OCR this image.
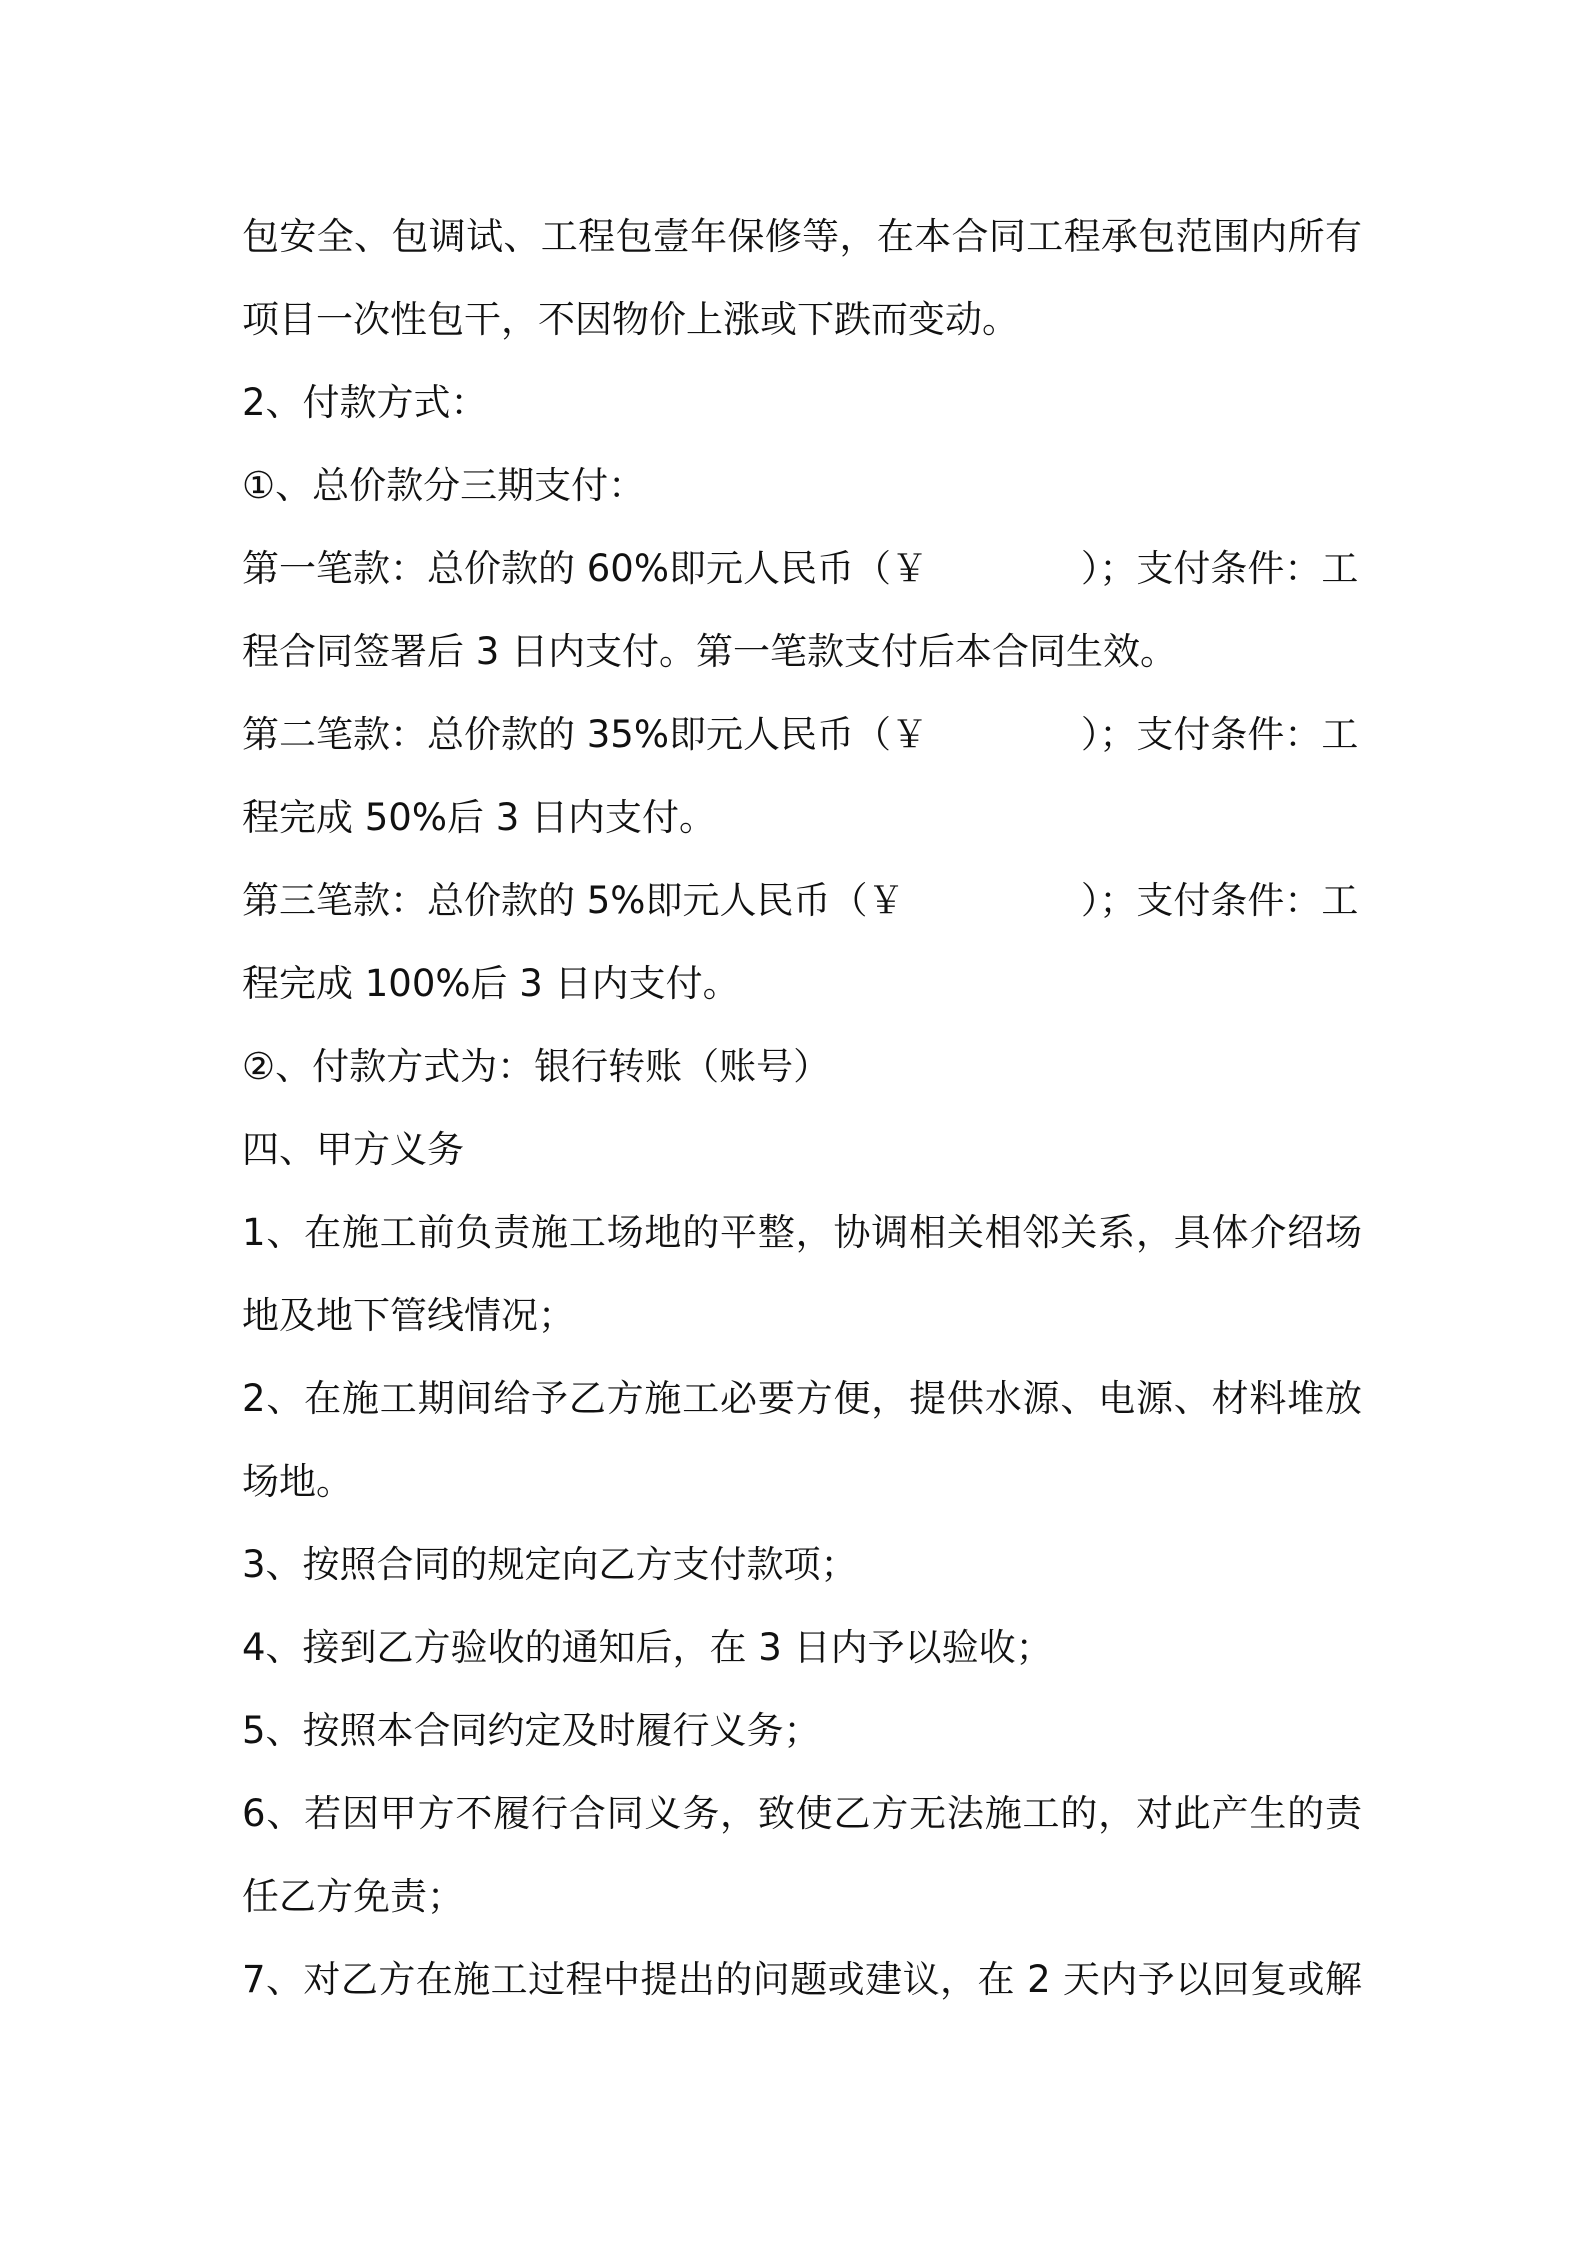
包安全、包调试、工程包壹年保修等，在本合同工程承包范围内所有
项目一次性包干，不因物价上涨或下跌而变动。
2、付款方式：
①、总价款分三期支付：
第一笔款：总价款的 60%即元人民币（￥             ）；支付条件：工
程合同签署后 3 日内支付。第一笔款支付后本合同生效。
第二笔款：总价款的 35%即元人民币（￥             ）；支付条件：工
程完成 50%后 3 日内支付。
第三笔款：总价款的 5%即元人民币（￥               ）；支付条件：工
程完成 100%后 3 日内支付。
②、付款方式为：银行转账（账号）
四、甲方义务
1、在施工前负责施工场地的平整，协调相关相邻关系，具体介绍场
地及地下管线情况；
2、在施工期间给予乙方施工必要方便，提供水源、电源、材料堆放
场地。
3、按照合同的规定向乙方支付款项；
4、接到乙方验收的通知后，在 3 日内予以验收；
5、按照本合同约定及时履行义务；
6、若因甲方不履行合同义务，致使乙方无法施工的，对此产生的责
任乙方免责；
7、对乙方在施工过程中提出的问题或建议，在 2 天内予以回复或解
